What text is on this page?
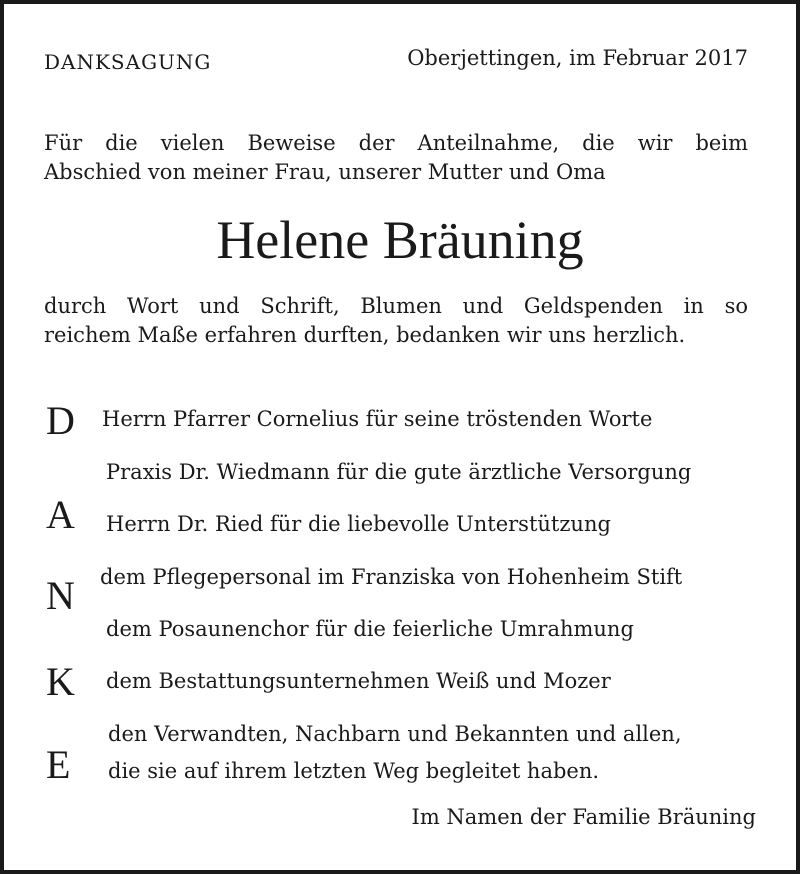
DANKSAGUNG	Oberjettingen, im Februar 2017
Für die vielen Beweise der Anteilnahme, die wir beim
Abschied von meiner Frau, unserer Mutter und Oma
Helene Bräuning
durch Wort und Schrift, Blumen und Geldspenden in so
reichem Maße erfahren durften, bedanken wir uns herzlich.
D
A
N
K
E
Herrn Pfarrer Cornelius für seine tröstenden Worte
Praxis Dr. Wiedmann für die gute ärztliche Versorgung
Herrn Dr. Ried für die liebevolle Unterstützung
dem Pflegepersonal im Franziska von Hohenheim Stift
dem Posaunenchor für die feierliche Umrahmung
dem Bestattungsunternehmen Weiß und Mozer
den Verwandten, Nachbarn und Bekannten und allen,
die sie auf ihrem letzten Weg begleitet haben.
Im Namen der Familie Bräuning
